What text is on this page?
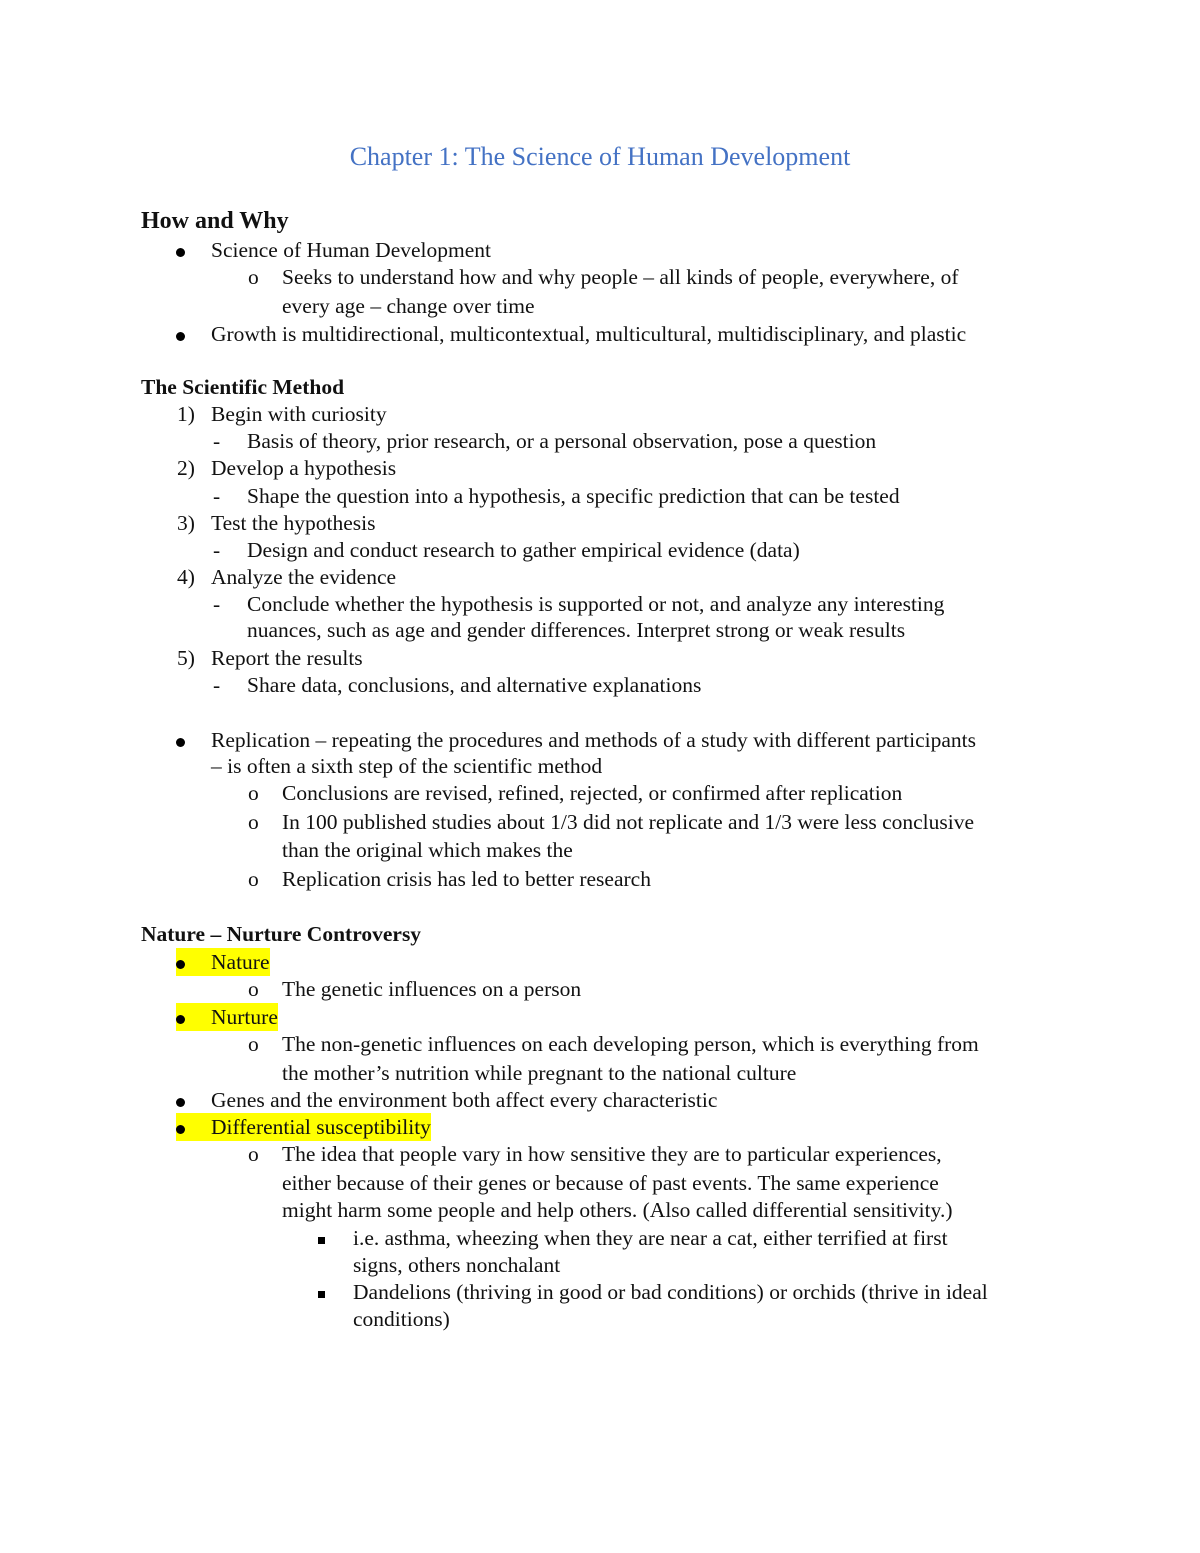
Chapter 1: The Science of Human Development
How and Why
Science of Human Development
o Seeks to understand how and why people – all kinds of people, everywhere, of
every age – change over time
Growth is multidirectional, multicontextual, multicultural, multidisciplinary, and plastic
The Scientific Method
1) Begin with curiosity
- Basis of theory, prior research, or a personal observation, pose a question
2) Develop a hypothesis
- Shape the question into a hypothesis, a specific prediction that can be tested
3) Test the hypothesis
- Design and conduct research to gather empirical evidence (data)
4) Analyze the evidence
- Conclude whether the hypothesis is supported or not, and analyze any interesting
nuances, such as age and gender differences. Interpret strong or weak results
5) Report the results
- Share data, conclusions, and alternative explanations
Replication – repeating the procedures and methods of a study with different participants
– is often a sixth step of the scientific method
o Conclusions are revised, refined, rejected, or confirmed after replication
o In 100 published studies about 1/3 did not replicate and 1/3 were less conclusive
than the original which makes the
o Replication crisis has led to better research
Nature – Nurture Controversy
Nature
o The genetic influences on a person
Nurture
o The non-genetic influences on each developing person, which is everything from
the mother’s nutrition while pregnant to the national culture
Genes and the environment both affect every characteristic
Differential susceptibility
o The idea that people vary in how sensitive they are to particular experiences,
either because of their genes or because of past events. The same experience
might harm some people and help others. (Also called differential sensitivity.)
i.e. asthma, wheezing when they are near a cat, either terrified at first
signs, others nonchalant
Dandelions (thriving in good or bad conditions) or orchids (thrive in ideal
conditions)
